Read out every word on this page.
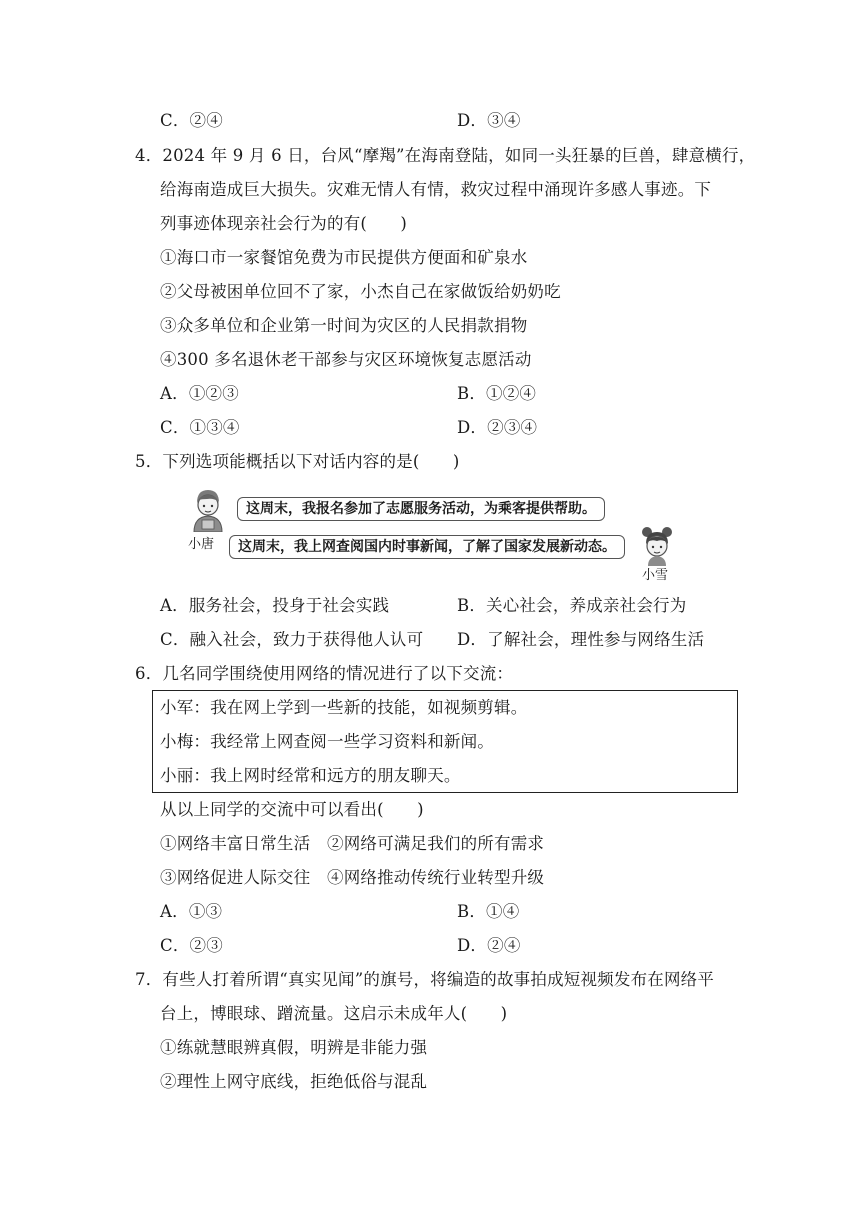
C．②④	D．③④
4．2024 年 9 月 6 日，台风“摩羯”在海南登陆，如同一头狂暴的巨兽，肆意横行，
给海南造成巨大损失。灾难无情人有情，救灾过程中涌现许多感人事迹。下
列事迹体现亲社会行为的有(　　)
①海口市一家餐馆免费为市民提供方便面和矿泉水
②父母被困单位回不了家，小杰自己在家做饭给奶奶吃
③众多单位和企业第一时间为灾区的人民捐款捐物
④300 多名退休老干部参与灾区环境恢复志愿活动
A．①②③	B．①②④
C．①③④	D．②③④
5．下列选项能概括以下对话内容的是(　　)
小唐
这周末，我报名参加了志愿服务活动，为乘客提供帮助。
这周末，我上网查阅国内时事新闻，了解了国家发展新动态。
小雪
A．服务社会，投身于社会实践	B．关心社会，养成亲社会行为
C．融入社会，致力于获得他人认可 D．了解社会，理性参与网络生活
6．几名同学围绕使用网络的情况进行了以下交流：
小军：我在网上学到一些新的技能，如视频剪辑。
小梅：我经常上网查阅一些学习资料和新闻。
小丽：我上网时经常和远方的朋友聊天。
从以上同学的交流中可以看出(　　)
①网络丰富日常生活　②网络可满足我们的所有需求
③网络促进人际交往　④网络推动传统行业转型升级
A．①③	B．①④
C．②③	D．②④
7．有些人打着所谓“真实见闻”的旗号，将编造的故事拍成短视频发布在网络平
台上，博眼球、蹭流量。这启示未成年人(　　)
①练就慧眼辨真假，明辨是非能力强
②理性上网守底线，拒绝低俗与混乱
